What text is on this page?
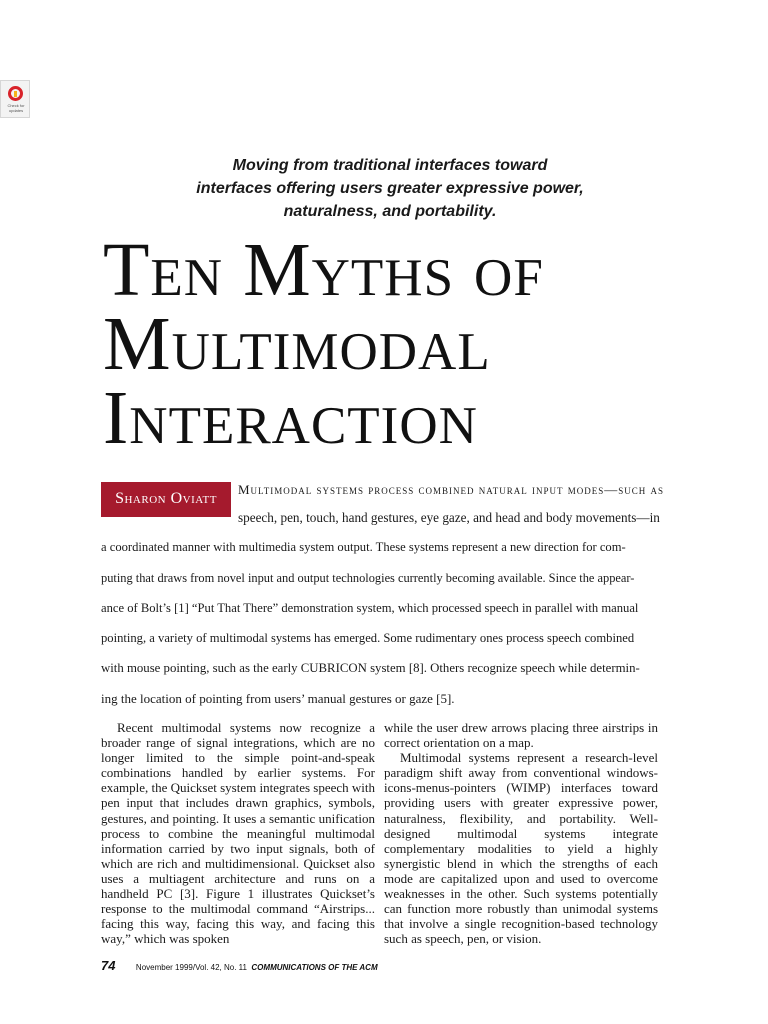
Check for updates
Moving from traditional interfaces toward
interfaces offering users greater expressive power,
naturalness, and portability.
Ten Myths of
Multimodal
Interaction
Sharon Oviatt
Multimodal systems process combined natural input modes—such as
speech, pen, touch, hand gestures, eye gaze, and head and body movements—in
a coordinated manner with multimedia system output. These systems represent a new direction for com-
puting that draws from novel input and output technologies currently becoming available. Since the appear-
ance of Bolt’s [1] “Put That There” demonstration system, which processed speech in parallel with manual
pointing, a variety of multimodal systems has emerged. Some rudimentary ones process speech combined
with mouse pointing, such as the early CUBRICON system [8]. Others recognize speech while determin-
ing the location of pointing from users’ manual gestures or gaze [5].

Recent multimodal systems now recognize a broader range of signal integrations, which are no longer limited to the simple point-and-speak combinations handled by earlier systems. For example, the Quickset system integrates speech with pen input that includes drawn graphics, symbols, gestures, and pointing. It uses a semantic unification process to combine the meaningful multimodal information carried by two input signals, both of which are rich and multidimensional. Quickset also uses a multiagent architecture and runs on a handheld PC [3]. Figure 1 illustrates Quickset’s response to the multimodal command “Airstrips... facing this way, facing this way, and facing this way,” which was spoken

while the user drew arrows placing three airstrips in correct orientation on a map.

Multimodal systems represent a research-level paradigm shift away from conventional windows-icons-menus-pointers (WIMP) interfaces toward providing users with greater expressive power, naturalness, flexibility, and portability. Well-designed multimodal systems integrate complementary modalities to yield a highly synergistic blend in which the strengths of each mode are capitalized upon and used to overcome weaknesses in the other. Such systems potentially can function more robustly than unimodal systems that involve a single recognition-based technology such as speech, pen, or vision.

74	November 1999/Vol. 42, No. 11 COMMUNICATIONS OF THE ACM
